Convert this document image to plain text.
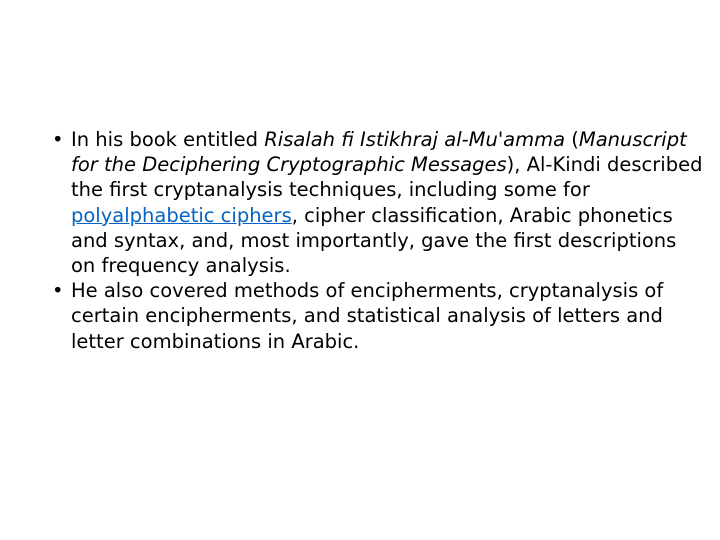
• In his book entitled Risalah fi Istikhraj al-Mu'amma (Manuscript for the Deciphering Cryptographic Messages), Al-Kindi described the first cryptanalysis techniques, including some for polyalphabetic ciphers, cipher classification, Arabic phonetics and syntax, and, most importantly, gave the first descriptions on frequency analysis.
• He also covered methods of encipherments, cryptanalysis of certain encipherments, and statistical analysis of letters and letter combinations in Arabic.
